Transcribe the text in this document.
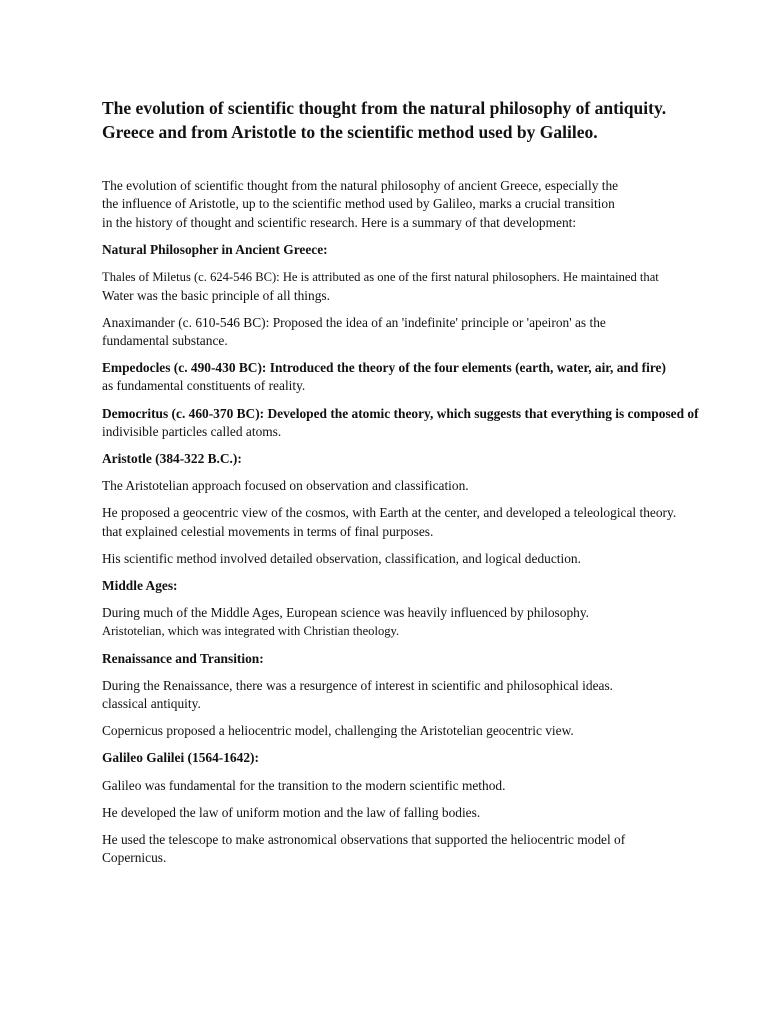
The evolution of scientific thought from the natural philosophy of antiquity.
Greece and from Aristotle to the scientific method used by Galileo.

The evolution of scientific thought from the natural philosophy of ancient Greece, especially the
the influence of Aristotle, up to the scientific method used by Galileo, marks a crucial transition
in the history of thought and scientific research. Here is a summary of that development:

Natural Philosopher in Ancient Greece:

Thales of Miletus (c. 624-546 BC): He is attributed as one of the first natural philosophers. He maintained that
Water was the basic principle of all things.

Anaximander (c. 610-546 BC): Proposed the idea of an 'indefinite' principle or 'apeiron' as the
fundamental substance.

Empedocles (c. 490-430 BC): Introduced the theory of the four elements (earth, water, air, and fire)
as fundamental constituents of reality.

Democritus (c. 460-370 BC): Developed the atomic theory, which suggests that everything is composed of
indivisible particles called atoms.

Aristotle (384-322 B.C.):

The Aristotelian approach focused on observation and classification.

He proposed a geocentric view of the cosmos, with Earth at the center, and developed a teleological theory.
that explained celestial movements in terms of final purposes.

His scientific method involved detailed observation, classification, and logical deduction.

Middle Ages:

During much of the Middle Ages, European science was heavily influenced by philosophy.
Aristotelian, which was integrated with Christian theology.

Renaissance and Transition:

During the Renaissance, there was a resurgence of interest in scientific and philosophical ideas.
classical antiquity.

Copernicus proposed a heliocentric model, challenging the Aristotelian geocentric view.

Galileo Galilei (1564-1642):

Galileo was fundamental for the transition to the modern scientific method.

He developed the law of uniform motion and the law of falling bodies.

He used the telescope to make astronomical observations that supported the heliocentric model of
Copernicus.
